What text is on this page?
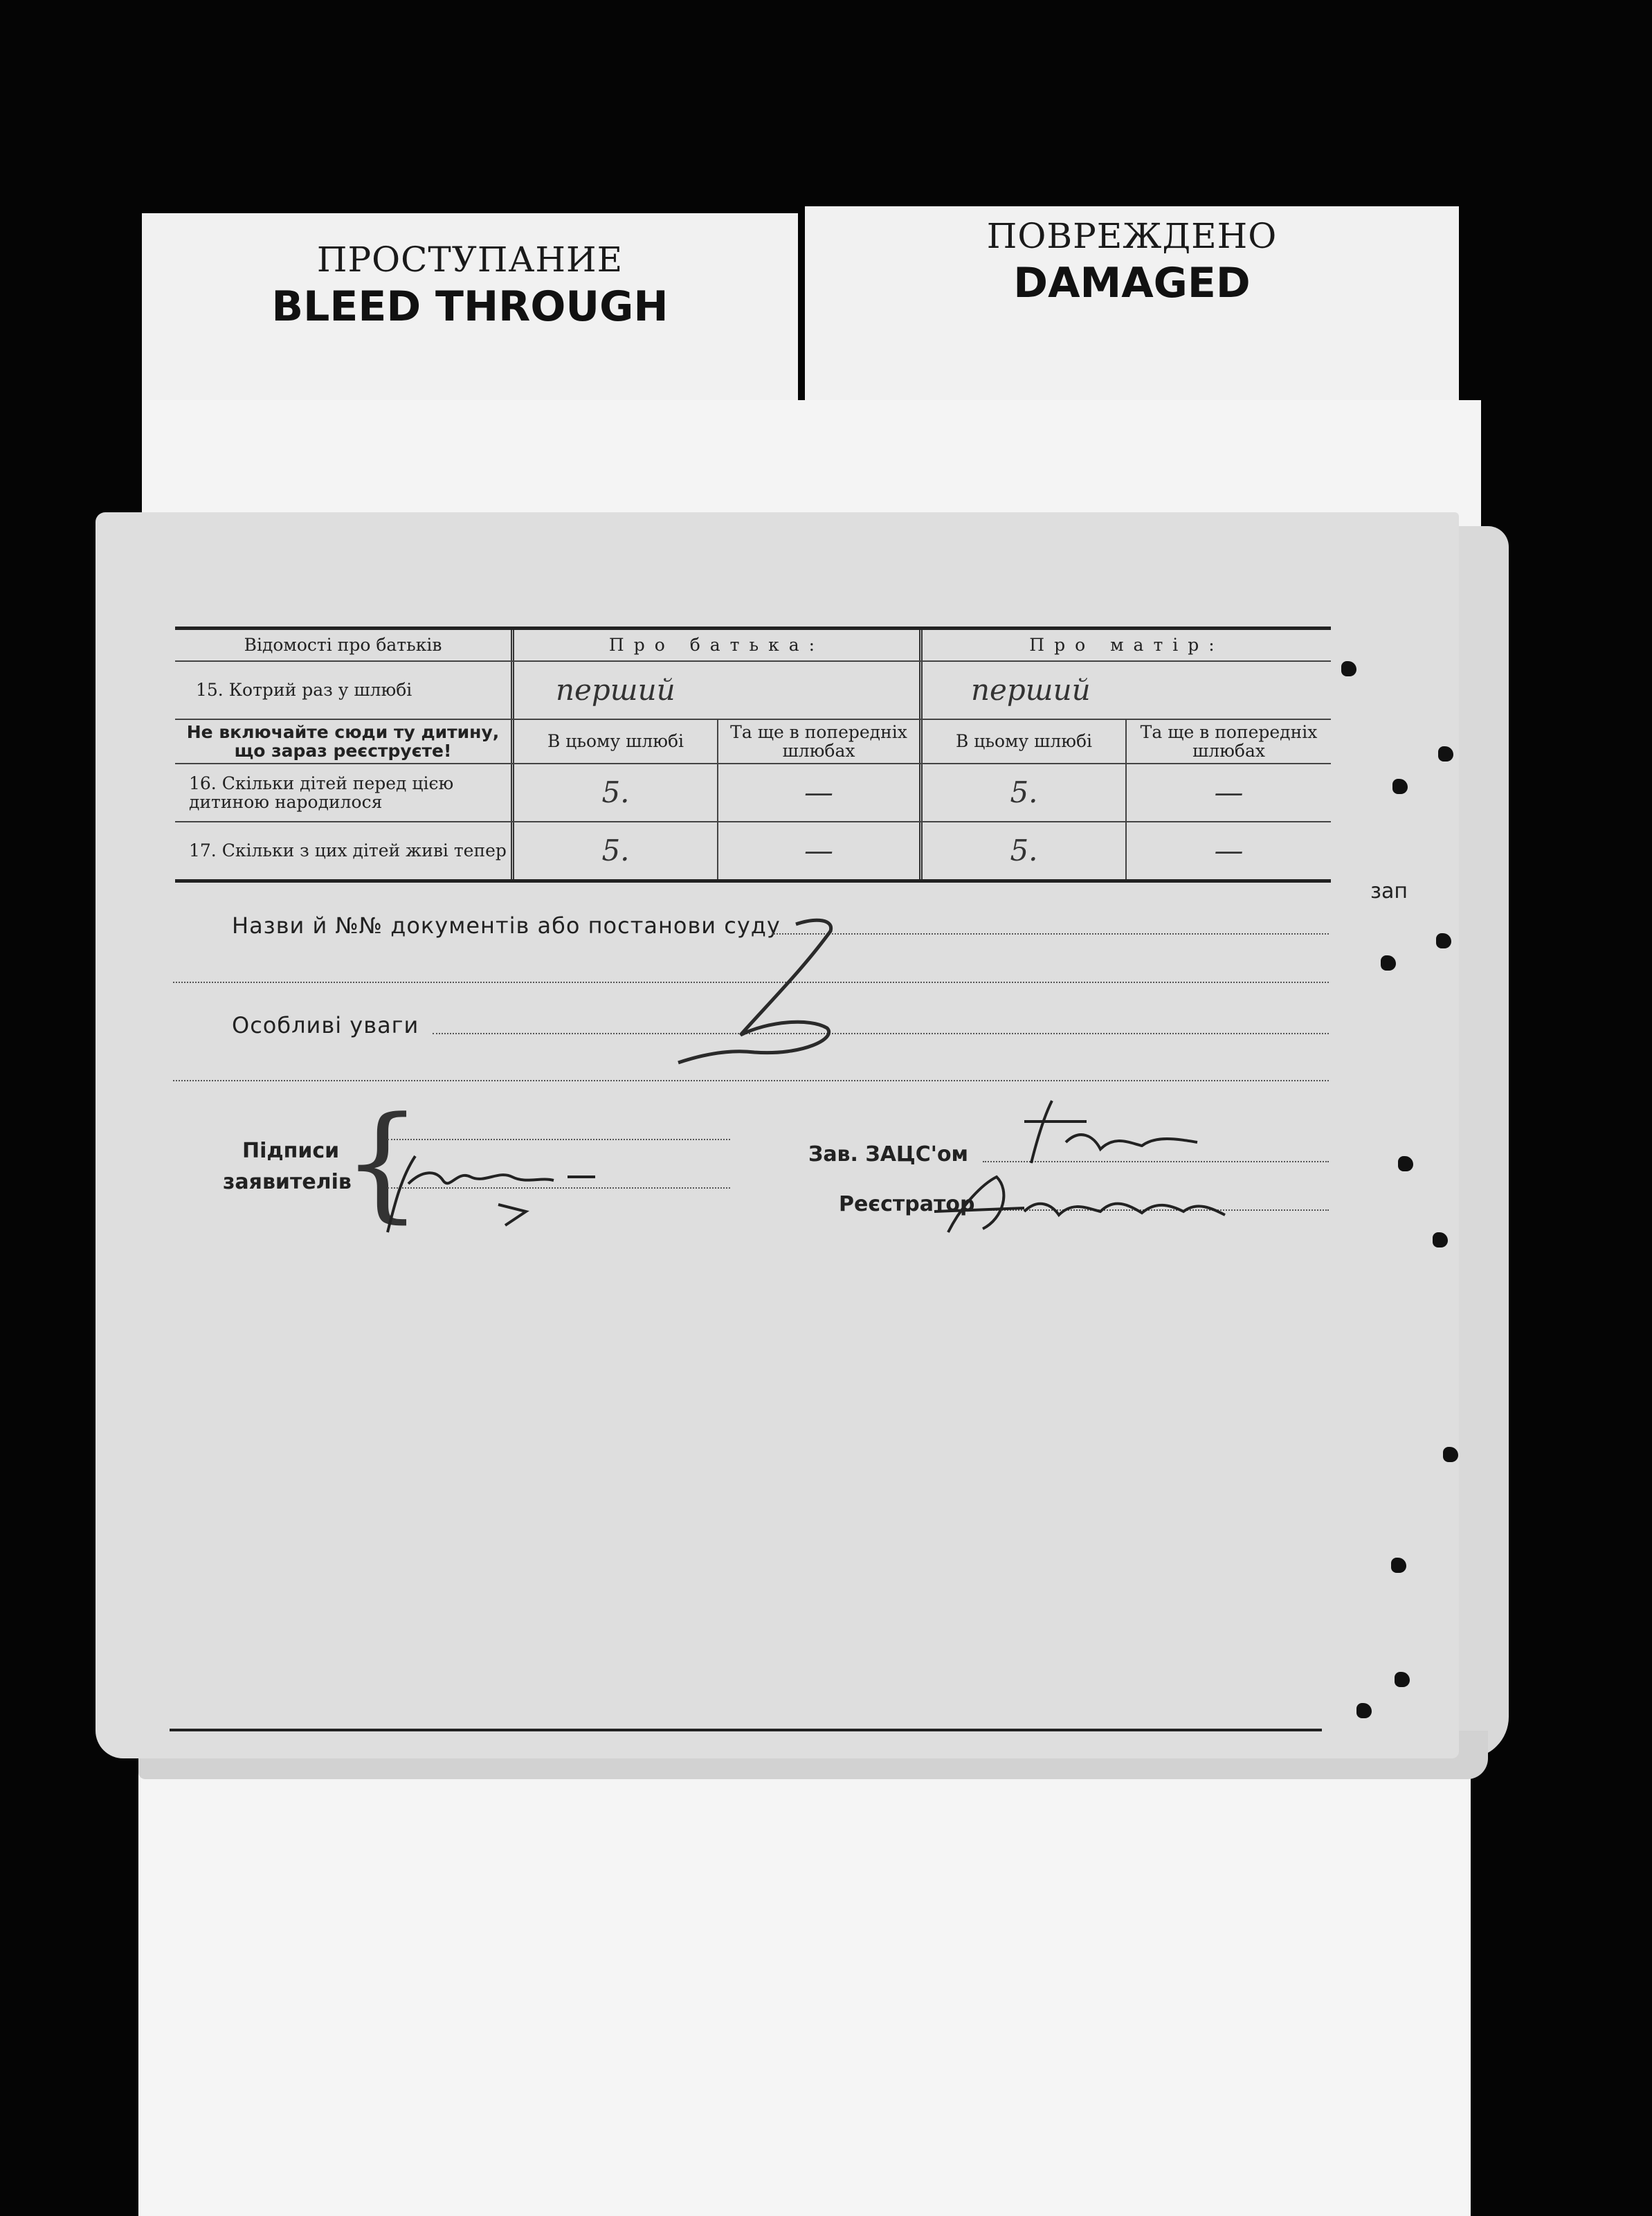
ПРОСТУПАНИЕ
BLEED THROUGH
ПОВРЕЖДЕНО
DAMAGED
Відомості про батьків	Про батька:	Про матір:
15. Котрий раз у шлюбі	перший	перший
Не включайте сюди ту дитину, що зараз реєструєте!	В цьому шлюбі	Та ще в попередніх шлюбах	В цьому шлюбі	Та ще в попередніх шлюбах
16. Скільки дітей перед цією дитиною народилося	5.	—	5.	—
17. Скільки з цих дітей живі тепер	5.	—	5.	—
Назви й №№ документів або постанови суду
Особливі уваги
Підписи
заявителів
{	Зав. ЗАЦС'ом
Реєстратор
зап
